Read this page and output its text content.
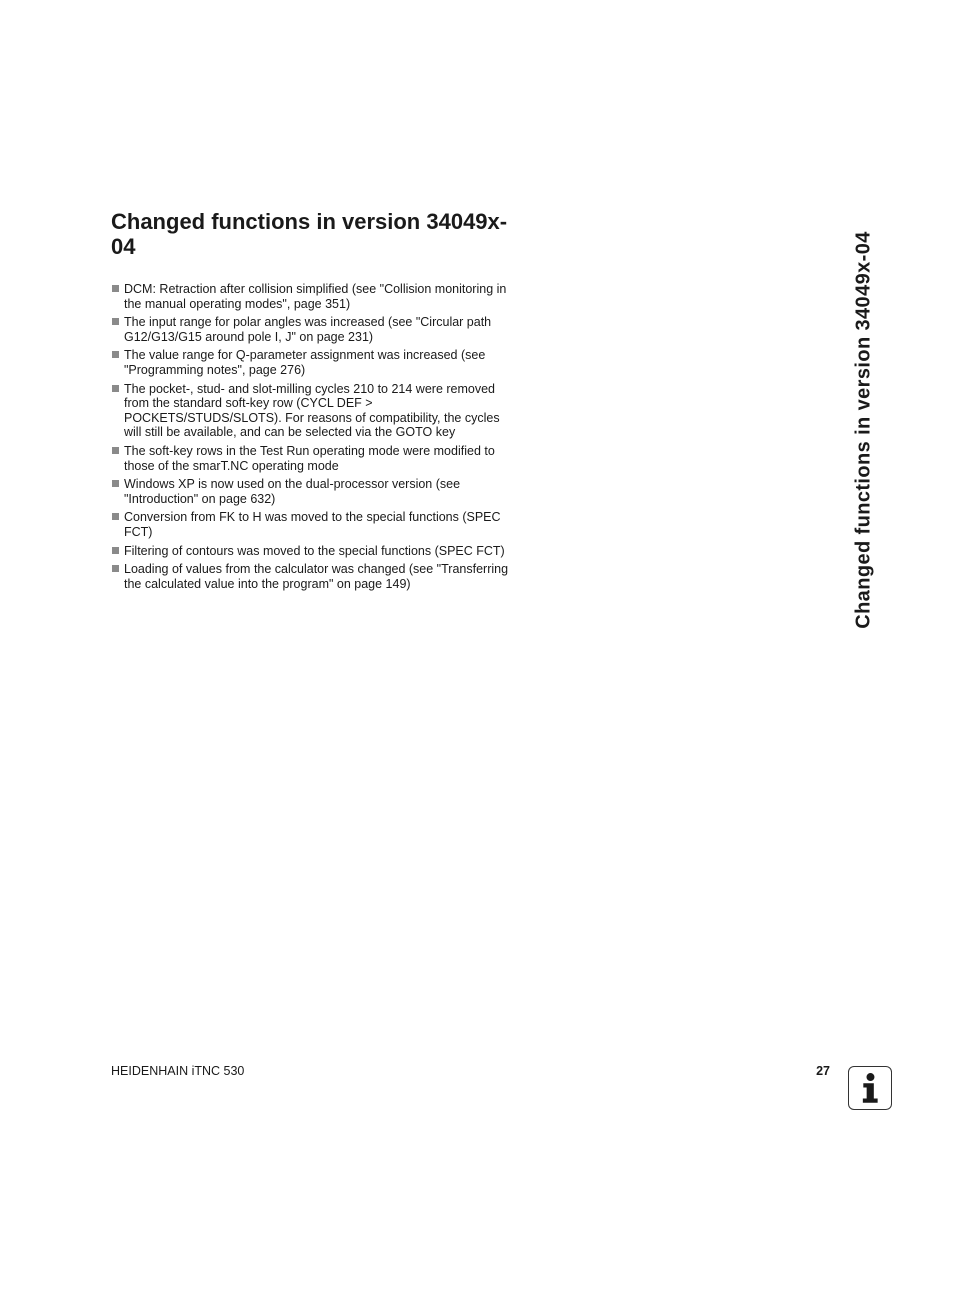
Changed functions in version 34049x-04
DCM: Retraction after collision simplified (see "Collision monitoring in the manual operating modes", page 351)
The input range for polar angles was increased (see "Circular path G12/G13/G15 around pole I, J" on page 231)
The value range for Q-parameter assignment was increased (see "Programming notes", page 276)
The pocket-, stud- and slot-milling cycles 210 to 214 were removed from the standard soft-key row (CYCL DEF > POCKETS/STUDS/SLOTS). For reasons of compatibility, the cycles will still be available, and can be selected via the GOTO key
The soft-key rows in the Test Run operating mode were modified to those of the smarT.NC operating mode
Windows XP is now used on the dual-processor version (see "Introduction" on page 632)
Conversion from FK to H was moved to the special functions (SPEC FCT)
Filtering of contours was moved to the special functions (SPEC FCT)
Loading of values from the calculator was changed (see "Transferring the calculated value into the program" on page 149)	Changed functions in version 34049x-04
HEIDENHAIN iTNC 530	27
